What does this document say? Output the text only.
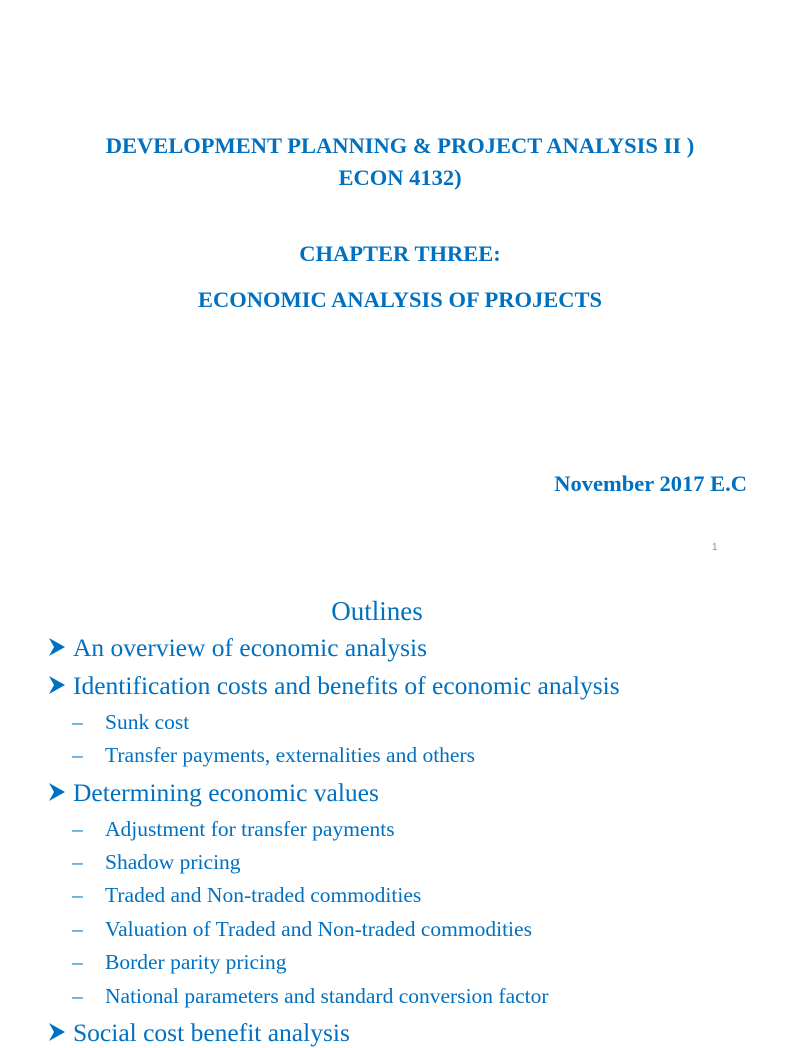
DEVELOPMENT PLANNING & PROJECT ANALYSIS II )
ECON 4132)
CHAPTER THREE:
ECONOMIC ANALYSIS OF PROJECTS
November 2017 E.C
1
Outlines
An overview of economic analysis
Identification costs and benefits of economic analysis
– Sunk cost
– Transfer payments, externalities and others
Determining economic values
– Adjustment for transfer payments
– Shadow pricing
– Traded and Non-traded commodities
– Valuation of Traded and Non-traded commodities
– Border parity pricing
– National parameters and standard conversion factor
Social cost benefit analysis
